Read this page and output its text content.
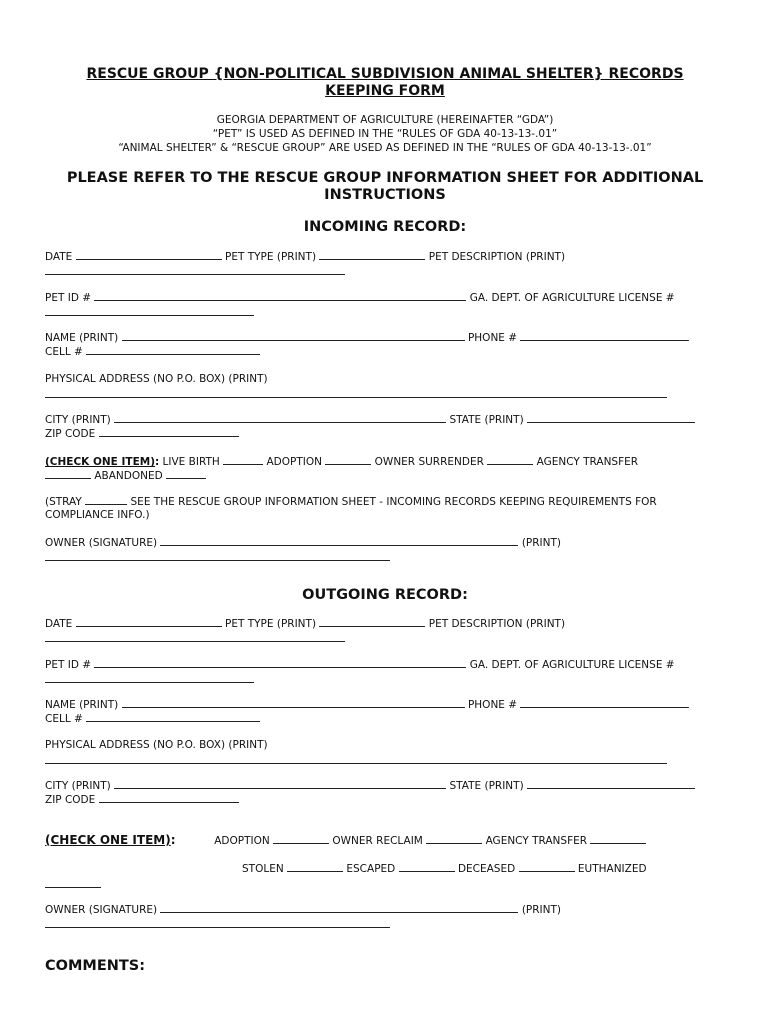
RESCUE GROUP {NON-POLITICAL SUBDIVISION ANIMAL SHELTER} RECORDS
KEEPING FORM
GEORGIA DEPARTMENT OF AGRICULTURE (HEREINAFTER “GDA”)
“PET” IS USED AS DEFINED IN THE “RULES OF GDA 40-13-13-.01”
“ANIMAL SHELTER” & “RESCUE GROUP” ARE USED AS DEFINED IN THE “RULES OF GDA 40-13-13-.01”
PLEASE REFER TO THE RESCUE GROUP INFORMATION SHEET FOR ADDITIONAL
INSTRUCTIONS
INCOMING RECORD:
DATE	PET TYPE (PRINT)	PET DESCRIPTION (PRINT)
PET ID #	GA. DEPT. OF AGRICULTURE LICENSE #
NAME (PRINT)	PHONE #
CELL #
PHYSICAL ADDRESS (NO P.O. BOX) (PRINT)
CITY (PRINT)	STATE (PRINT)
ZIP CODE
(CHECK ONE ITEM): LIVE BIRTH	ADOPTION	OWNER SURRENDER	AGENCY TRANSFER
ABANDONED
(STRAY	SEE THE RESCUE GROUP INFORMATION SHEET - INCOMING RECORDS KEEPING REQUIREMENTS FOR
COMPLIANCE INFO.)
OWNER (SIGNATURE)	(PRINT)
OUTGOING RECORD:
DATE	PET TYPE (PRINT)	PET DESCRIPTION (PRINT)
PET ID #	GA. DEPT. OF AGRICULTURE LICENSE #
NAME (PRINT)	PHONE #
CELL #
PHYSICAL ADDRESS (NO P.O. BOX) (PRINT)
CITY (PRINT)	STATE (PRINT)
ZIP CODE
(CHECK ONE ITEM):	ADOPTION	OWNER RECLAIM	AGENCY TRANSFER
STOLEN	ESCAPED	DECEASED	EUTHANIZED
OWNER (SIGNATURE)	(PRINT)
COMMENTS:
